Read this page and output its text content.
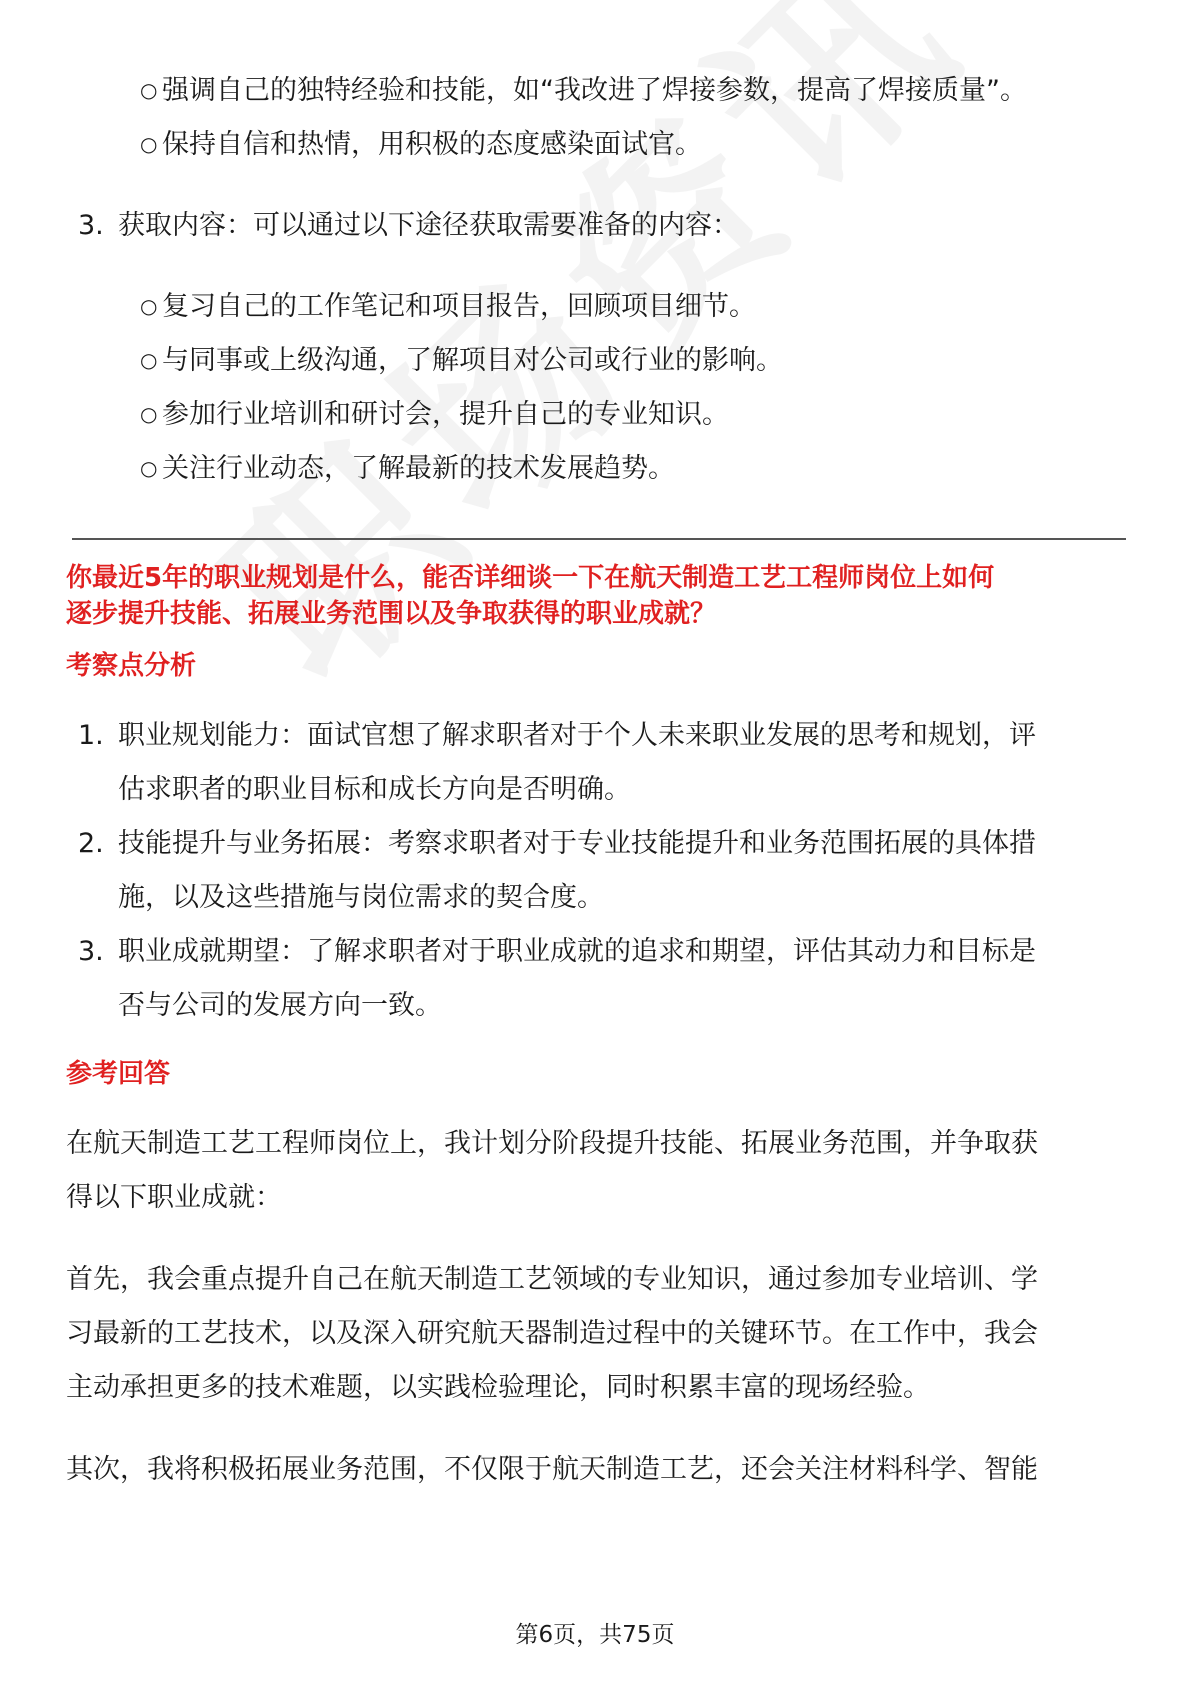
○ 强调自己的独特经验和技能，如“我改进了焊接参数，提高了焊接质量”。
○ 保持自信和热情，用积极的态度感染面试官。
3. 获取内容：可以通过以下途径获取需要准备的内容：
○ 复习自己的工作笔记和项目报告，回顾项目细节。
○ 与同事或上级沟通，了解项目对公司或行业的影响。
○ 参加行业培训和研讨会，提升自己的专业知识。
○ 关注行业动态，了解最新的技术发展趋势。
你最近5年的职业规划是什么，能否详细谈一下在航天制造工艺工程师岗位上如何
逐步提升技能、拓展业务范围以及争取获得的职业成就？
考察点分析
1. 职业规划能力：面试官想了解求职者对于个人未来职业发展的思考和规划，评
估求职者的职业目标和成长方向是否明确。
2. 技能提升与业务拓展：考察求职者对于专业技能提升和业务范围拓展的具体措
施，以及这些措施与岗位需求的契合度。
3. 职业成就期望：了解求职者对于职业成就的追求和期望，评估其动力和目标是
否与公司的发展方向一致。
参考回答
在航天制造工艺工程师岗位上，我计划分阶段提升技能、拓展业务范围，并争取获
得以下职业成就：
首先，我会重点提升自己在航天制造工艺领域的专业知识，通过参加专业培训、学
习最新的工艺技术，以及深入研究航天器制造过程中的关键环节。在工作中，我会
主动承担更多的技术难题，以实践检验理论，同时积累丰富的现场经验。
其次，我将积极拓展业务范围，不仅限于航天制造工艺，还会关注材料科学、智能
第6页，共75页
